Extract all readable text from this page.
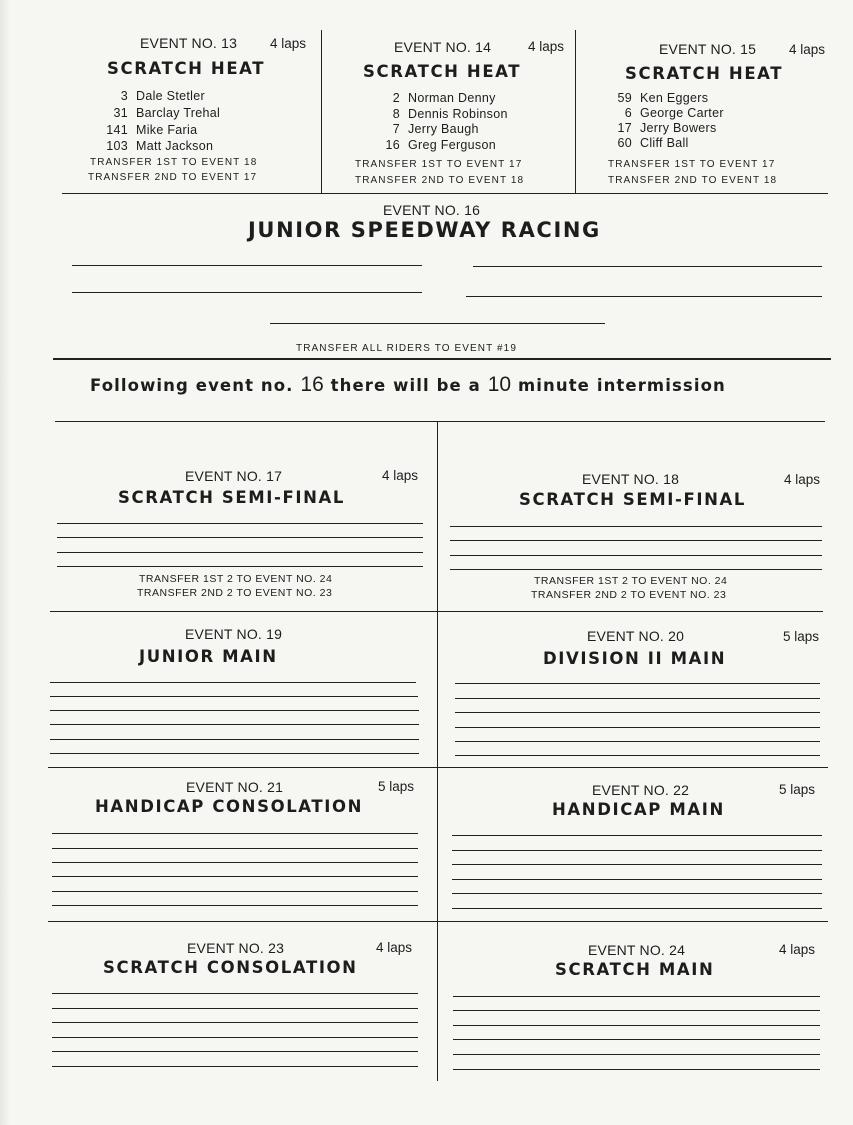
EVENT NO. 13 4 laps
SCRATCH HEAT
3 Dale Stetler
31 Barclay Trehal
141 Mike Faria
103 Matt Jackson
TRANSFER 1ST TO EVENT 18
TRANSFER 2ND TO EVENT 17
EVENT NO. 14	4 laps
SCRATCH HEAT
2 Norman Denny
8 Dennis Robinson
7 Jerry Baugh
16 Greg Ferguson
TRANSFER 1ST TO EVENT 17
TRANSFER 2ND TO EVENT 18
EVENT NO. 15 4 laps
SCRATCH HEAT
59 Ken Eggers
6 George Carter
17 Jerry Bowers
60 Cliff Ball
TRANSFER 1ST TO EVENT 17
TRANSFER 2ND TO EVENT 18
EVENT NO. 16
JUNIOR SPEEDWAY RACING
TRANSFER ALL RIDERS TO EVENT #19
Following event no. 16 there will be a 10 minute intermission
EVENT NO. 17	4 laps
SCRATCH SEMI-FINAL
TRANSFER 1ST 2 TO EVENT NO. 24
TRANSFER 2ND 2 TO EVENT NO. 23
EVENT NO. 18	4 laps
SCRATCH SEMI-FINAL
TRANSFER 1ST 2 TO EVENT NO. 24
TRANSFER 2ND 2 TO EVENT NO. 23
EVENT NO. 19
JUNIOR MAIN
EVENT NO. 20	5 laps
DIVISION II MAIN
EVENT NO. 21	5 laps
HANDICAP CONSOLATION
EVENT NO. 22	5 laps
HANDICAP MAIN
EVENT NO. 23	4 laps
SCRATCH CONSOLATION
EVENT NO. 24	4 laps
SCRATCH MAIN
